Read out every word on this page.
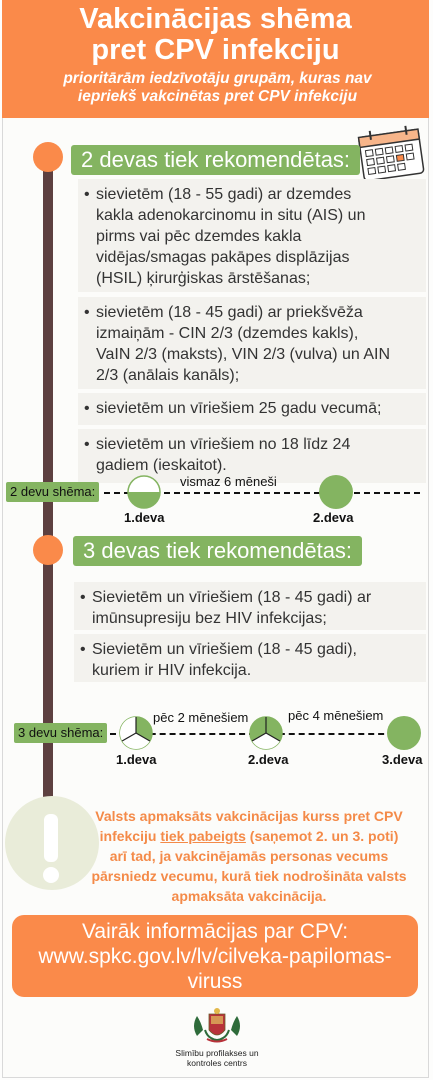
Vakcinācijas shēma
pret CPV infekciju
prioritārām iedzīvotāju grupām, kuras nav
iepriekš vakcinētas pret CPV infekciju
2 devas tiek rekomendētas:
• sievietēm (18 - 55 gadi) ar dzemdes
kakla adenokarcinomu in situ (AIS) un
pirms vai pēc dzemdes kakla
vidējas/smagas pakāpes displāzijas
(HSIL) ķirurģiskas ārstēšanas;
• sievietēm (18 - 45 gadi) ar priekšvēža
izmaiņām - CIN 2/3 (dzemdes kakls),
VaIN 2/3 (maksts), VIN 2/3 (vulva) un AIN
2/3 (anālais kanāls);
• sievietēm un vīriešiem 25 gadu vecumā;
• sievietēm un vīriešiem no 18 līdz 24
gadiem (ieskaitot).
2 devu shēma:
vismaz 6 mēneši
1.deva	2.deva
3 devas tiek rekomendētas:
• Sievietēm un vīriešiem (18 - 45 gadi) ar
imūnsupresiju bez HIV infekcijas;
• Sievietēm un vīriešiem (18 - 45 gadi),
kuriem ir HIV infekcija.
3 devu shēma:
pēc 2 mēnešiem	pēc 4 mēnešiem
1.deva	2.deva	3.deva
Valsts apmaksāts vakcinācijas kurss pret CPV
infekciju tiek pabeigts (saņemot 2. un 3. poti)
arī tad, ja vakcinējamās personas vecums
pārsniedz vecumu, kurā tiek nodrošināta valsts
apmaksāta vakcinācija.
Vairāk informācijas par CPV:
www.spkc.gov.lv/lv/cilveka-papilomas-
viruss
Slimību profilakses un
kontroles centrs
